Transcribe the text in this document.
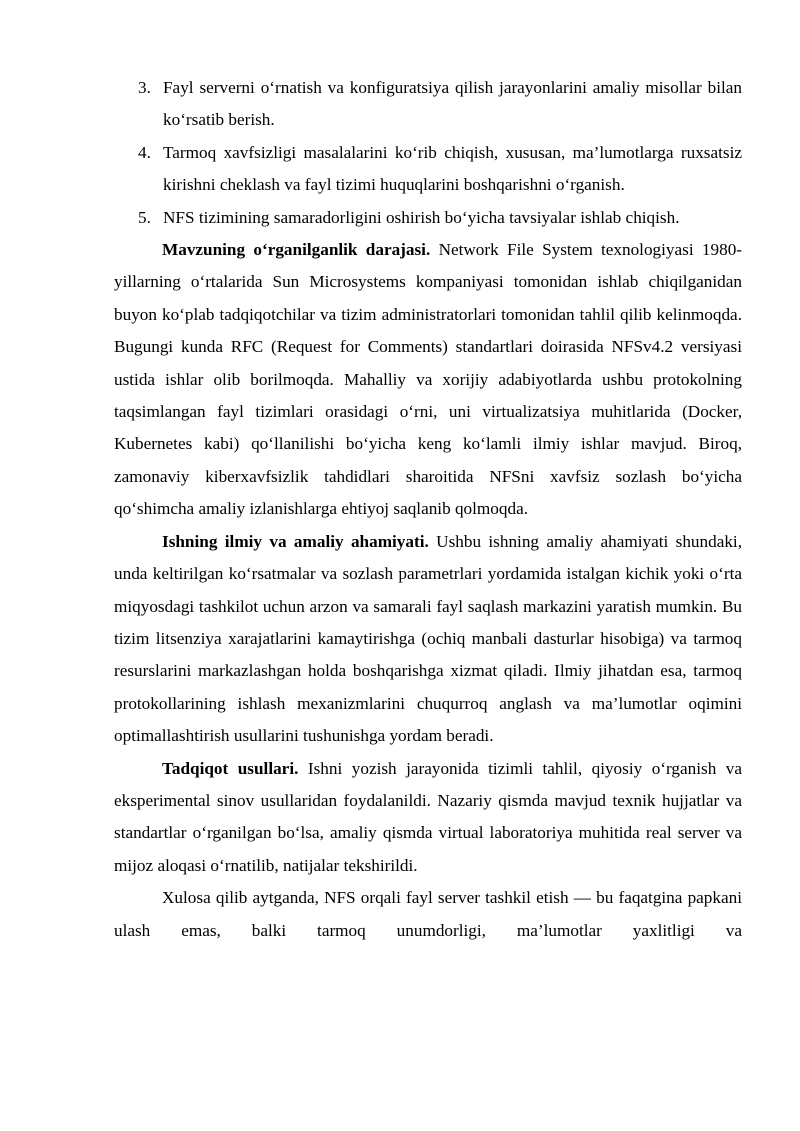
3. Fayl serverni o‘rnatish va konfiguratsiya qilish jarayonlarini amaliy misollar bilan ko‘rsatib berish.
4. Tarmoq xavfsizligi masalalarini ko‘rib chiqish, xususan, ma’lumotlarga ruxsatsiz kirishni cheklash va fayl tizimi huquqlarini boshqarishni o‘rganish.
5. NFS tizimining samaradorligini oshirish bo‘yicha tavsiyalar ishlab chiqish.

Mavzuning o‘rganilganlik darajasi. Network File System texnologiyasi 1980-yillarning o‘rtalarida Sun Microsystems kompaniyasi tomonidan ishlab chiqilganidan buyon ko‘plab tadqiqotchilar va tizim administratorlari tomonidan tahlil qilib kelinmoqda. Bugungi kunda RFC (Request for Comments) standartlari doirasida NFSv4.2 versiyasi ustida ishlar olib borilmoqda. Mahalliy va xorijiy adabiyotlarda ushbu protokolning taqsimlangan fayl tizimlari orasidagi o‘rni, uni virtualizatsiya muhitlarida (Docker, Kubernetes kabi) qo‘llanilishi bo‘yicha keng ko‘lamli ilmiy ishlar mavjud. Biroq, zamonaviy kiberxavfsizlik tahdidlari sharoitida NFSni xavfsiz sozlash bo‘yicha qo‘shimcha amaliy izlanishlarga ehtiyoj saqlanib qolmoqda.

Ishning ilmiy va amaliy ahamiyati. Ushbu ishning amaliy ahamiyati shundaki, unda keltirilgan ko‘rsatmalar va sozlash parametrlari yordamida istalgan kichik yoki o‘rta miqyosdagi tashkilot uchun arzon va samarali fayl saqlash markazini yaratish mumkin. Bu tizim litsenziya xarajatlarini kamaytirishga (ochiq manbali dasturlar hisobiga) va tarmoq resurslarini markazlashgan holda boshqarishga xizmat qiladi. Ilmiy jihatdan esa, tarmoq protokollarining ishlash mexanizmlarini chuqurroq anglash va ma’lumotlar oqimini optimallashtirish usullarini tushunishga yordam beradi.

Tadqiqot usullari. Ishni yozish jarayonida tizimli tahlil, qiyosiy o‘rganish va eksperimental sinov usullaridan foydalanildi. Nazariy qismda mavjud texnik hujjatlar va standartlar o‘rganilgan bo‘lsa, amaliy qismda virtual laboratoriya muhitida real server va mijoz aloqasi o‘rnatilib, natijalar tekshirildi.

Xulosa qilib aytganda, NFS orqali fayl server tashkil etish — bu faqatgina papkani ulash emas, balki tarmoq unumdorligi, ma’lumotlar yaxlitligi va
